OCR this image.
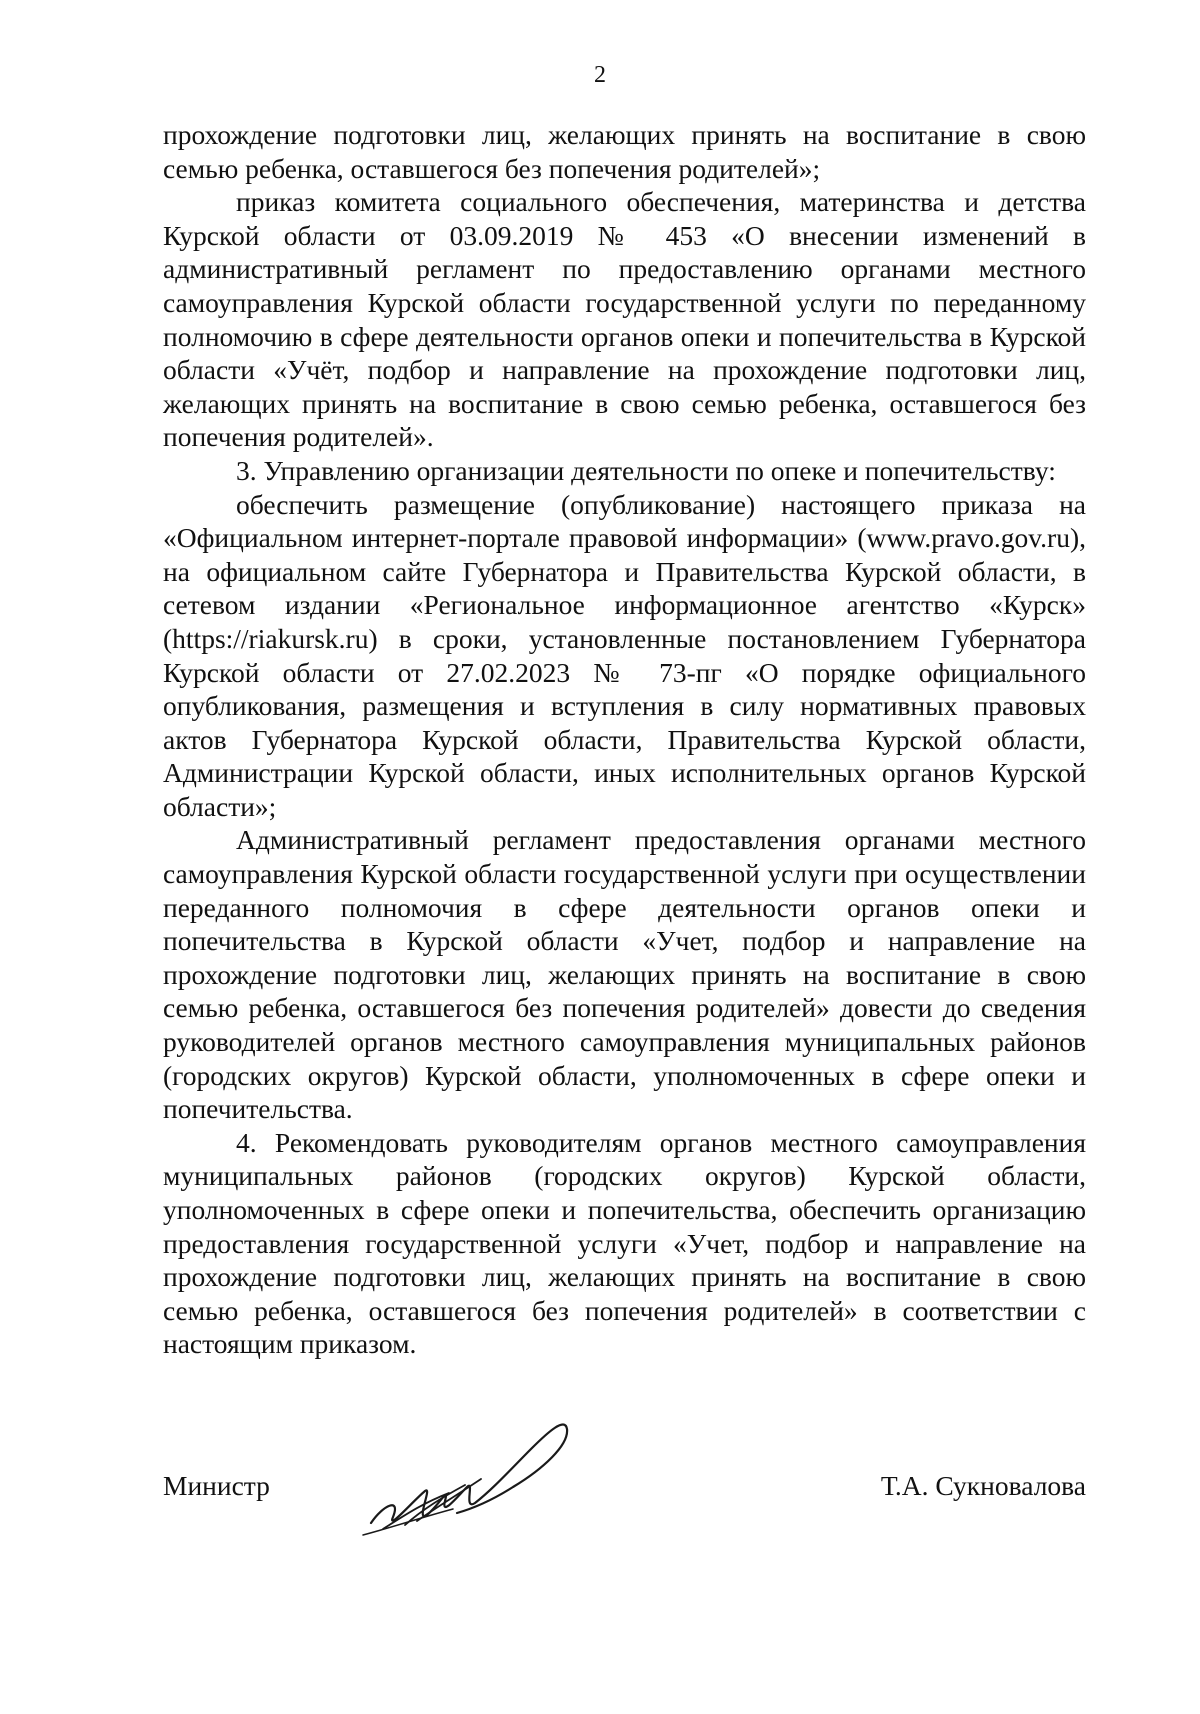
2

прохождение подготовки лиц, желающих принять на воспитание в свою семью ребенка, оставшегося без попечения родителей»;

приказ комитета социального обеспечения, материнства и детства Курской области от 03.09.2019 № 453 «О внесении изменений в административный регламент по предоставлению органами местного самоуправления Курской области государственной услуги по переданному полномочию в сфере деятельности органов опеки и попечительства в Курской области «Учёт, подбор и направление на прохождение подготовки лиц, желающих принять на воспитание в свою семью ребенка, оставшегося без попечения родителей».

3. Управлению организации деятельности по опеке и попечительству:

обеспечить размещение (опубликование) настоящего приказа на «Официальном интернет-портале правовой информации» (www.pravo.gov.ru), на официальном сайте Губернатора и Правительства Курской области, в сетевом издании «Региональное информационное агентство «Курск» (https://riakursk.ru) в сроки, установленные постановлением Губернатора Курской области от 27.02.2023 № 73-пг «О порядке официального опубликования, размещения и вступления в силу нормативных правовых актов Губернатора Курской области, Правительства Курской области, Администрации Курской области, иных исполнительных органов Курской области»;

Административный регламент предоставления органами местного самоуправления Курской области государственной услуги при осуществлении переданного полномочия в сфере деятельности органов опеки и попечительства в Курской области «Учет, подбор и направление на прохождение подготовки лиц, желающих принять на воспитание в свою семью ребенка, оставшегося без попечения родителей» довести до сведения руководителей органов местного самоуправления муниципальных районов (городских округов) Курской области, уполномоченных в сфере опеки и попечительства.

4. Рекомендовать руководителям органов местного самоуправления муниципальных районов (городских округов) Курской области, уполномоченных в сфере опеки и попечительства, обеспечить организацию предоставления государственной услуги «Учет, подбор и направление на прохождение подготовки лиц, желающих принять на воспитание в свою семью ребенка, оставшегося без попечения родителей» в соответствии с настоящим приказом.

Министр	Т.А. Сукновалова
